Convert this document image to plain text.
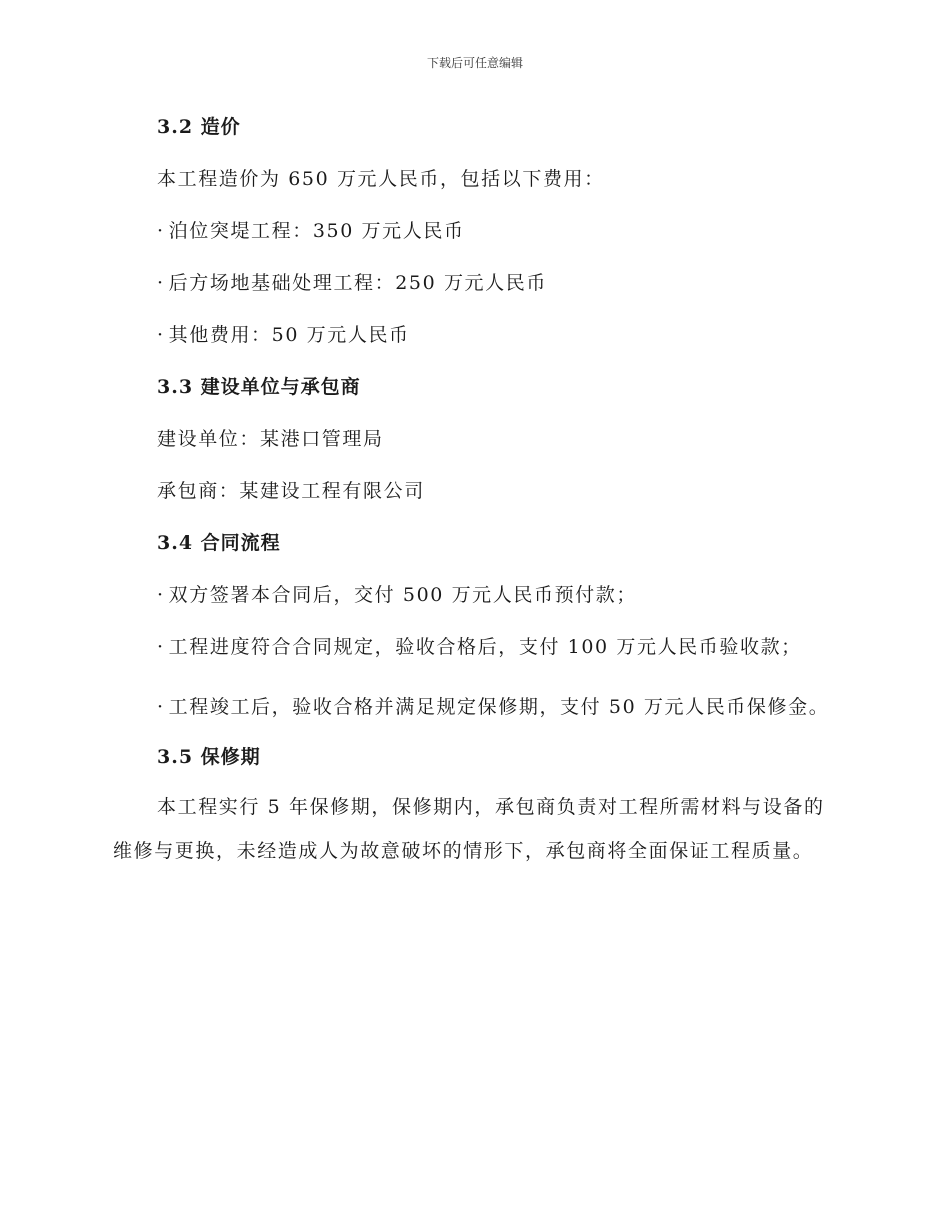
下载后可任意编辑

3.2 造价

本工程造价为 650 万元人民币，包括以下费用：

· 泊位突堤工程：350 万元人民币

· 后方场地基础处理工程：250 万元人民币

· 其他费用：50 万元人民币

3.3 建设单位与承包商

建设单位：某港口管理局

承包商：某建设工程有限公司

3.4 合同流程

· 双方签署本合同后，交付 500 万元人民币预付款；

· 工程进度符合合同规定，验收合格后，支付 100 万元人民币验收款；

· 工程竣工后，验收合格并满足规定保修期，支付 50 万元人民币保修金。

3.5 保修期

本工程实行 5 年保修期，保修期内，承包商负责对工程所需材料与设备的维修与更换，未经造成人为故意破坏的情形下，承包商将全面保证工程质量。
